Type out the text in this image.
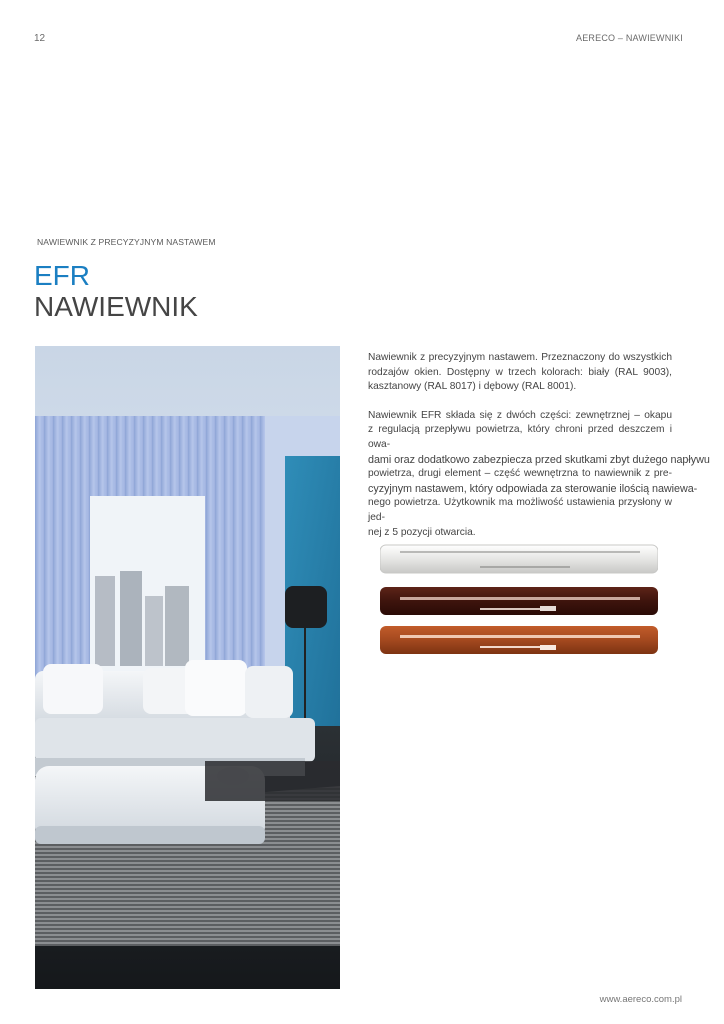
12	AERECO – NAWIEWNIKI
NAWIEWNIK Z PRECYZYJNYM NASTAWEM
EFR
NAWIEWNIK

Nawiewnik z precyzyjnym nastawem. Przeznaczony do wszystkich rodzajów okien. Dostępny w trzech kolorach: biały (RAL 9003), kasztanowy (RAL 8017) i dębowy (RAL 8001).

Nawiewnik EFR składa się z dwóch części: zewnętrznej – okapu
z regulacją przepływu powietrza, który chroni przed deszczem i owa-
dami oraz dodatkowo zabezpiecza przed skutkami zbyt dużego napływu
powietrza, drugi element – część wewnętrzna to nawiewnik z pre-
cyzyjnym nastawem, który odpowiada za sterowanie ilością nawiewa-
nego powietrza. Użytkownik ma możliwość ustawienia przysłony w jed-
nej z 5 pozycji otwarcia.
www.aereco.com.pl
